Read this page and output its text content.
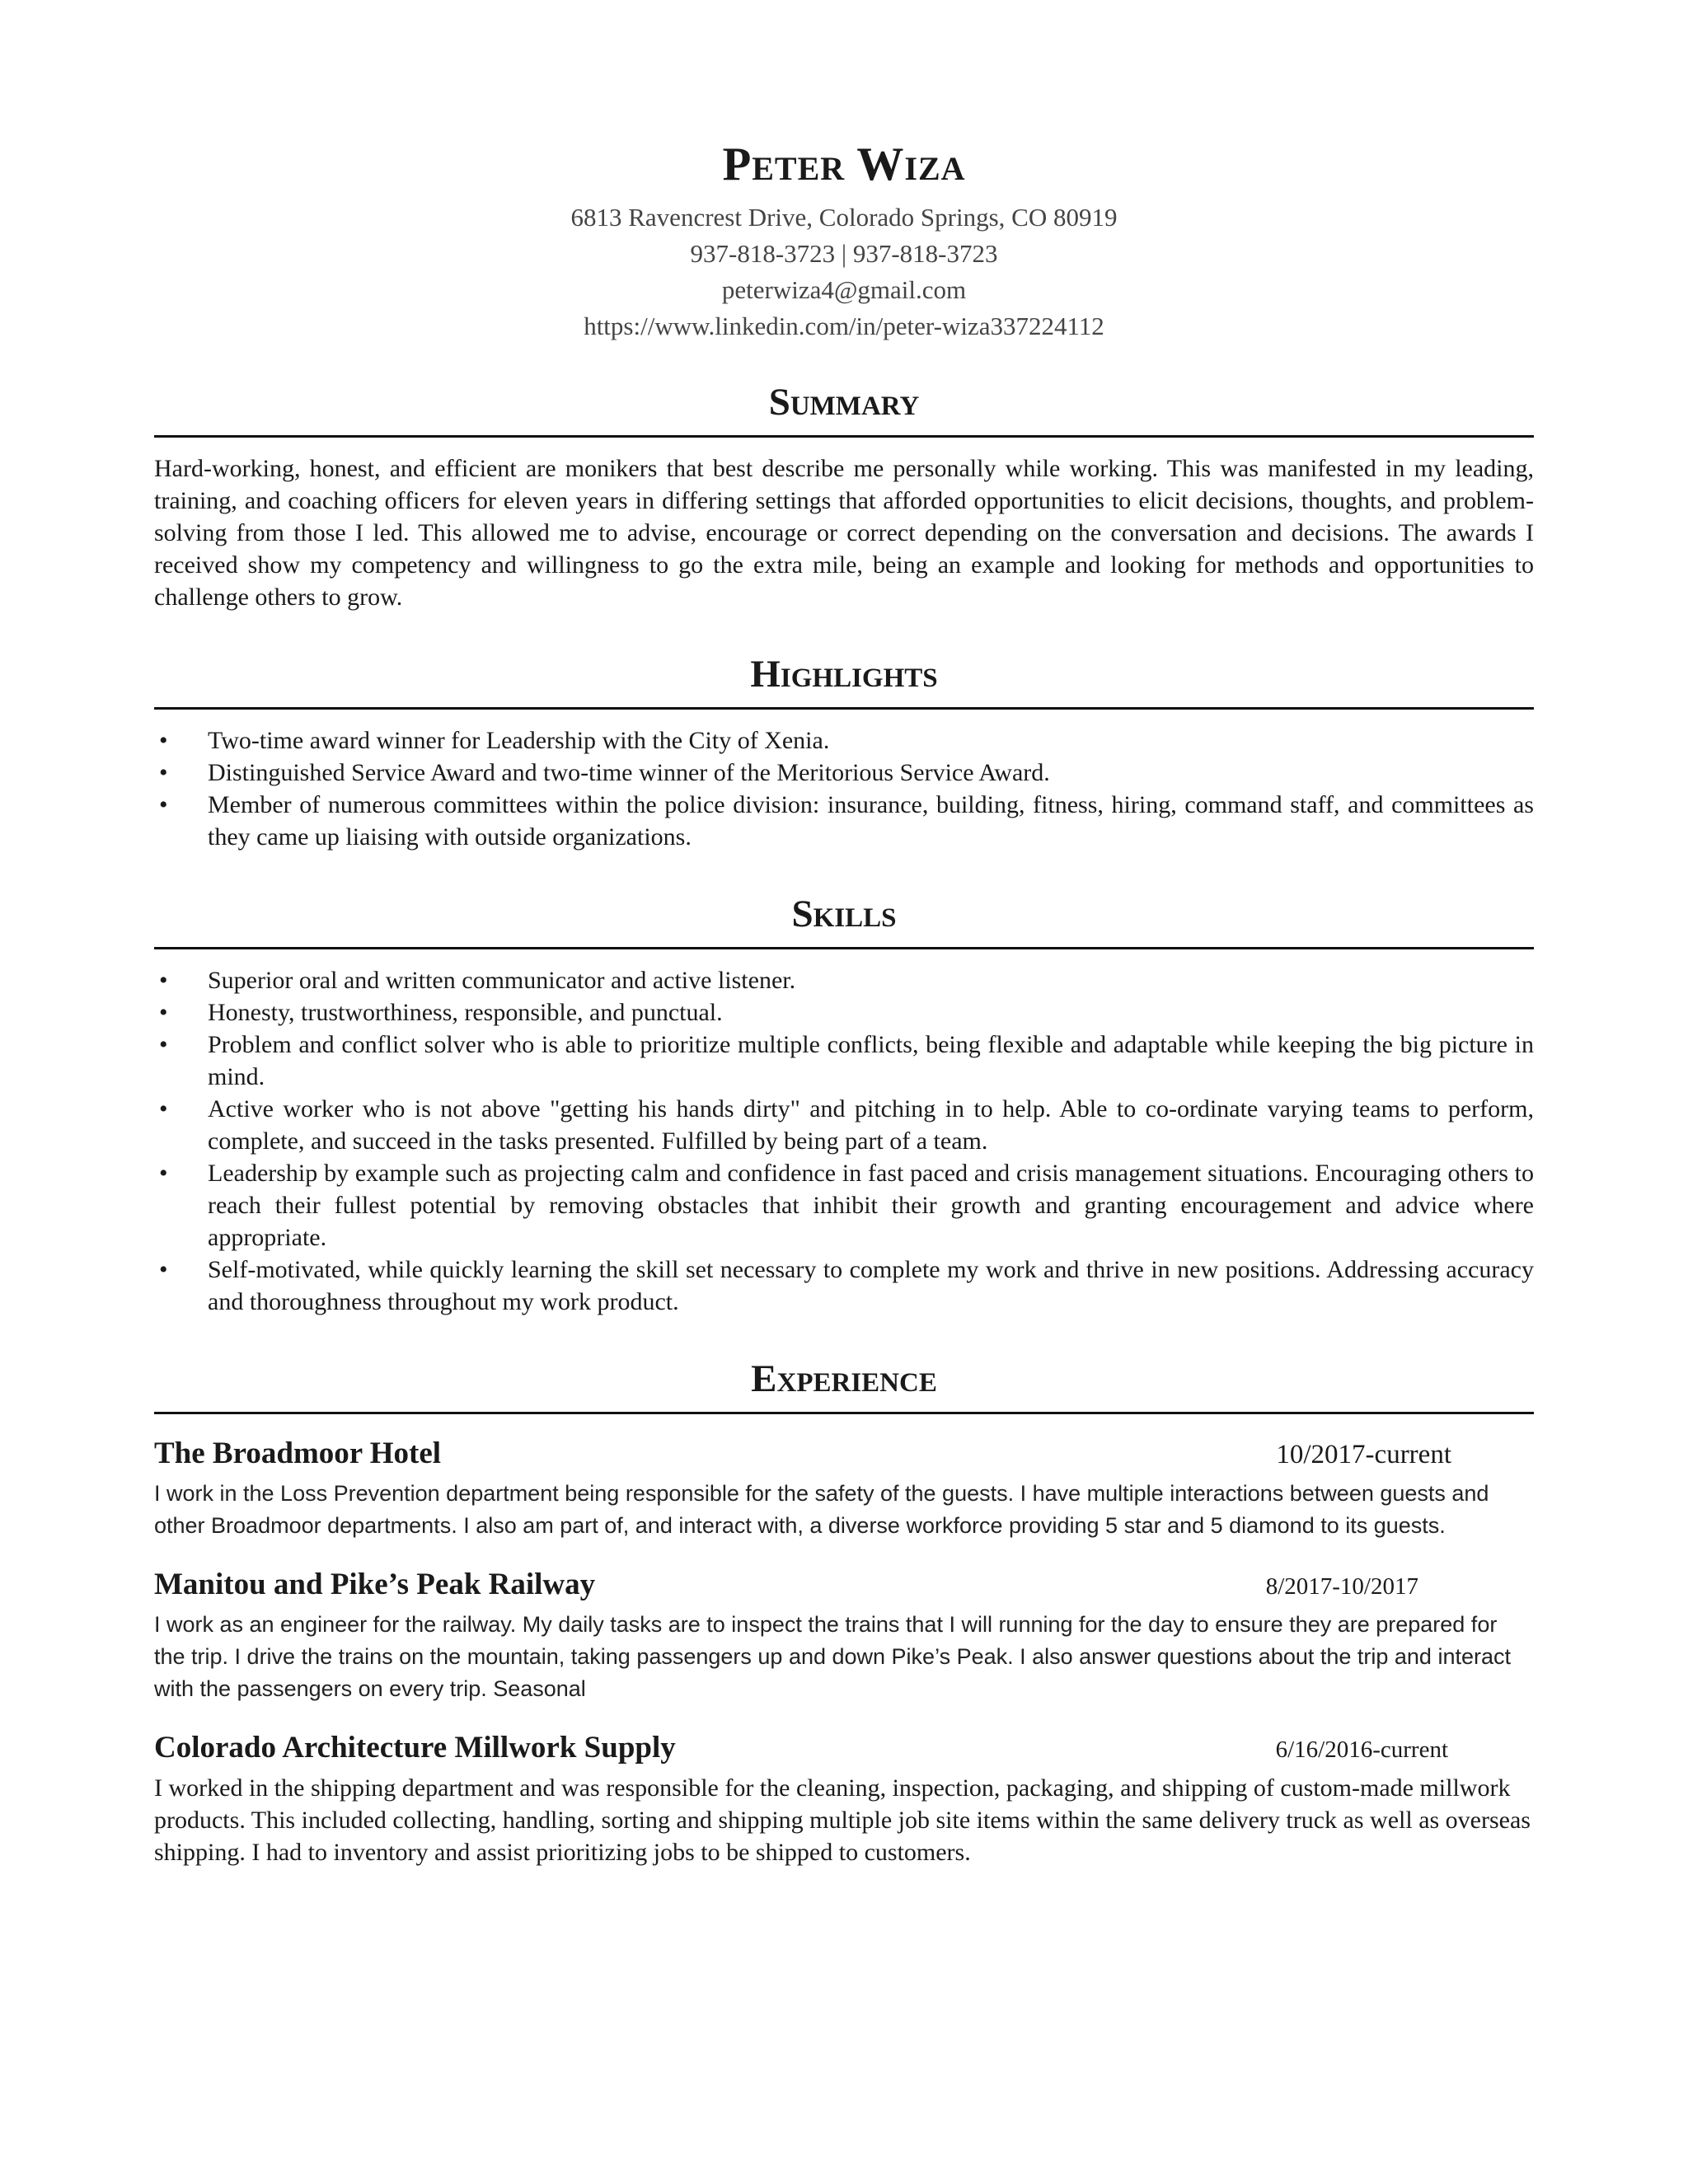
Peter Wiza
6813 Ravencrest Drive, Colorado Springs, CO 80919
937-818-3723 | 937-818-3723
peterwiza4@gmail.com
https://www.linkedin.com/in/peter-wiza337224112
Summary

Hard-working, honest, and efficient are monikers that best describe me personally while working. This was manifested in my leading, training, and coaching officers for eleven years in differing settings that afforded opportunities to elicit decisions, thoughts, and problem-solving from those I led. This allowed me to advise, encourage or correct depending on the conversation and decisions. The awards I received show my competency and willingness to go the extra mile, being an example and looking for methods and opportunities to challenge others to grow.

Highlights
• Two-time award winner for Leadership with the City of Xenia.
• Distinguished Service Award and two-time winner of the Meritorious Service Award.
• Member of numerous committees within the police division: insurance, building, fitness, hiring, command staff, and committees as they came up liaising with outside organizations.
Skills
• Superior oral and written communicator and active listener.
• Honesty, trustworthiness, responsible, and punctual.
• Problem and conflict solver who is able to prioritize multiple conflicts, being flexible and adaptable while keeping the big picture in mind.
• Active worker who is not above "getting his hands dirty" and pitching in to help. Able to co-ordinate varying teams to perform, complete, and succeed in the tasks presented. Fulfilled by being part of a team.
• Leadership by example such as projecting calm and confidence in fast paced and crisis management situations. Encouraging others to reach their fullest potential by removing obstacles that inhibit their growth and granting encouragement and advice where appropriate.
• Self-motivated, while quickly learning the skill set necessary to complete my work and thrive in new positions. Addressing accuracy and thoroughness throughout my work product.
Experience
The Broadmoor Hotel	10/2017-current

I work in the Loss Prevention department being responsible for the safety of the guests. I have multiple interactions between guests and other Broadmoor departments. I also am part of, and interact with, a diverse workforce providing 5 star and 5 diamond to its guests.

Manitou and Pike’s Peak Railway	8/2017-10/2017

I work as an engineer for the railway. My daily tasks are to inspect the trains that I will running for the day to ensure they are prepared for the trip. I drive the trains on the mountain, taking passengers up and down Pike’s Peak. I also answer questions about the trip and interact with the passengers on every trip. Seasonal

Colorado Architecture Millwork Supply	6/16/2016-current

I worked in the shipping department and was responsible for the cleaning, inspection, packaging, and shipping of custom-made millwork products. This included collecting, handling, sorting and shipping multiple job site items within the same delivery truck as well as overseas shipping. I had to inventory and assist prioritizing jobs to be shipped to customers.
